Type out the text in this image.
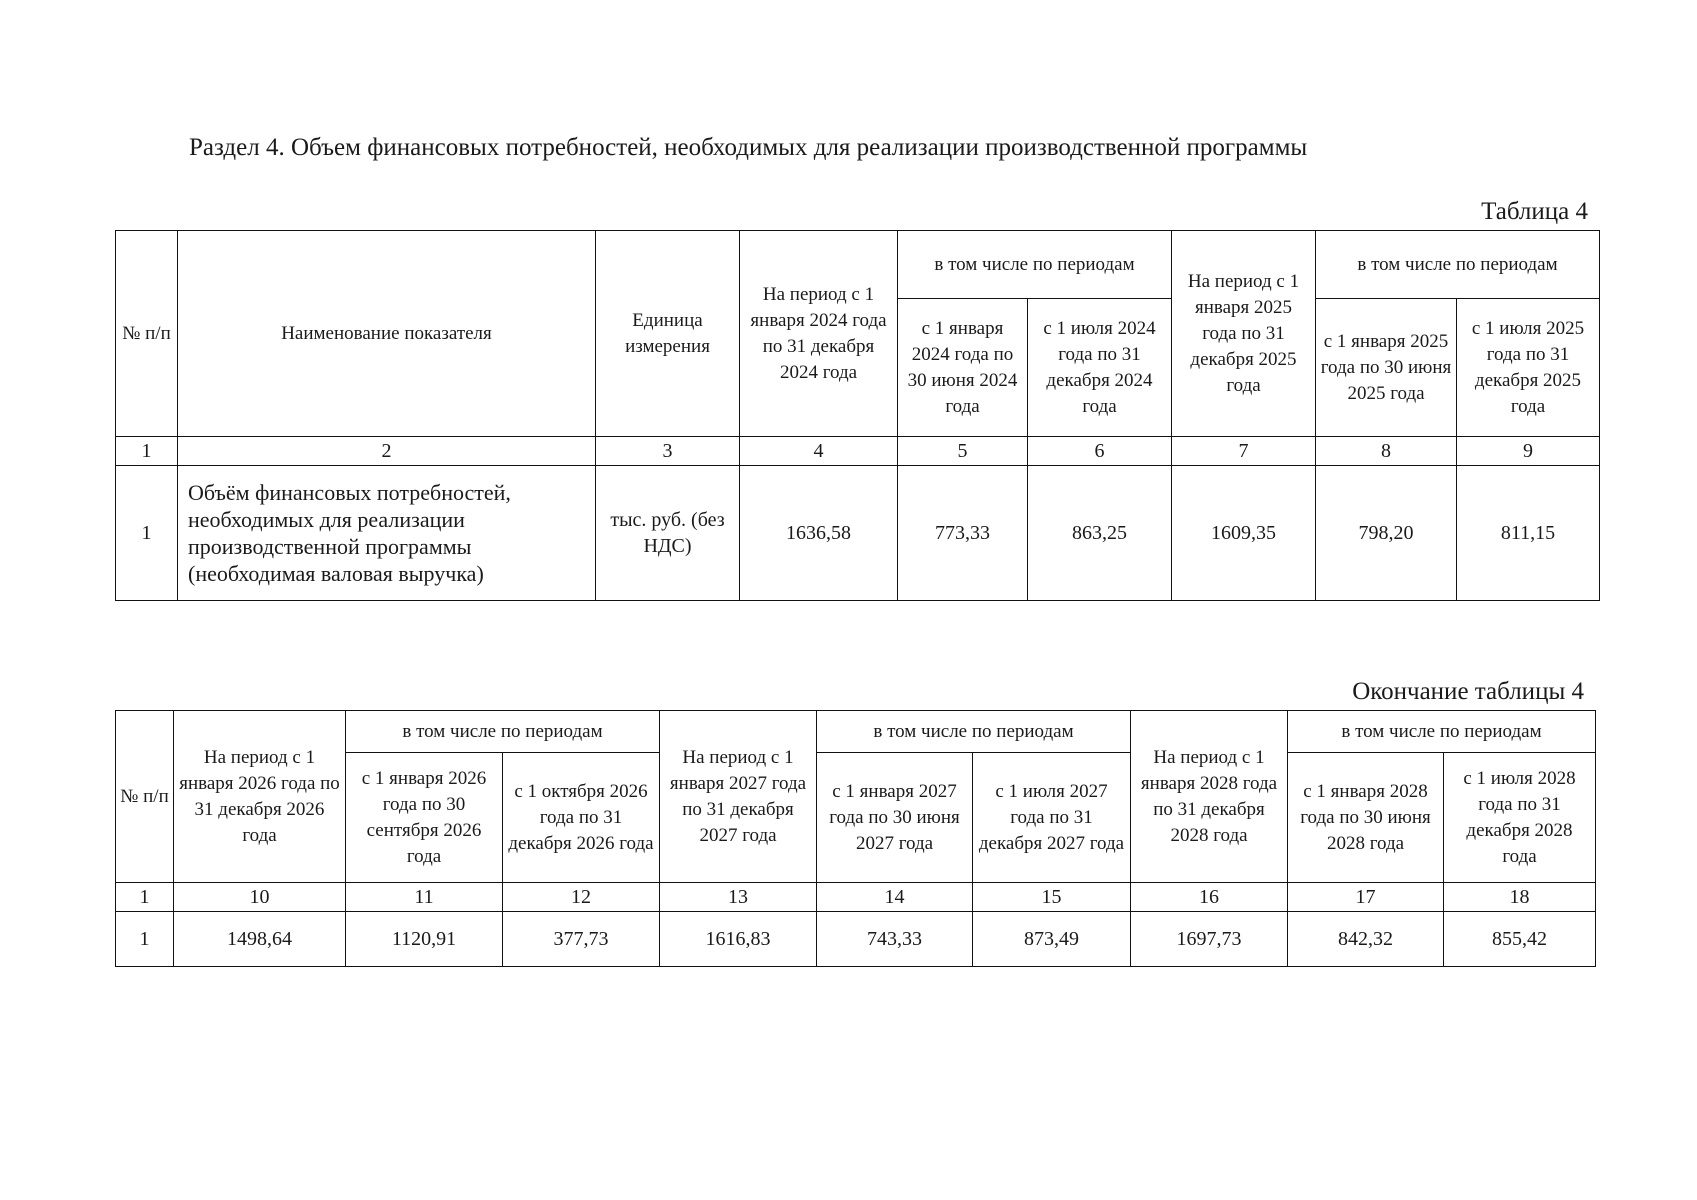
Раздел 4. Объем финансовых потребностей, необходимых для реализации производственной программы
Таблица 4
№ п/п	Наименование показателя	Единица измерения	На период с 1 января 2024 года по 31 декабря 2024 года	в том числе по периодам		На период с 1 января 2025 года по 31 декабря 2025 года	в том числе по периодам	
				с 1 января 2024 года по 30 июня 2024 года	с 1 июля 2024 года по 31 декабря 2024 года		с 1 января 2025 года по 30 июня 2025 года	с 1 июля 2025 года по 31 декабря 2025 года
1	2	3	4	5	6	7	8	9
1	Объём финансовых потребностей, необходимых для реализации производственной программы (необходимая валовая выручка)	тыс. руб. (без НДС)	1636,58	773,33	863,25	1609,35	798,20	811,15
Окончание таблицы 4
№ п/п	На период с 1 января 2026 года по 31 декабря 2026 года	в том числе по периодам		На период с 1 января 2027 года по 31 декабря 2027 года	в том числе по периодам		На период с 1 января 2028 года по 31 декабря 2028 года	в том числе по периодам	
		с 1 января 2026 года по 30 сентября 2026 года	с 1 октября 2026 года по 31 декабря 2026 года		с 1 января 2027 года по 30 июня 2027 года	с 1 июля 2027 года по 31 декабря 2027 года		с 1 января 2028 года по 30 июня 2028 года	с 1 июля 2028 года по 31 декабря 2028 года
1	10	11	12	13	14	15	16	17	18
1	1498,64	1120,91	377,73	1616,83	743,33	873,49	1697,73	842,32	855,42
